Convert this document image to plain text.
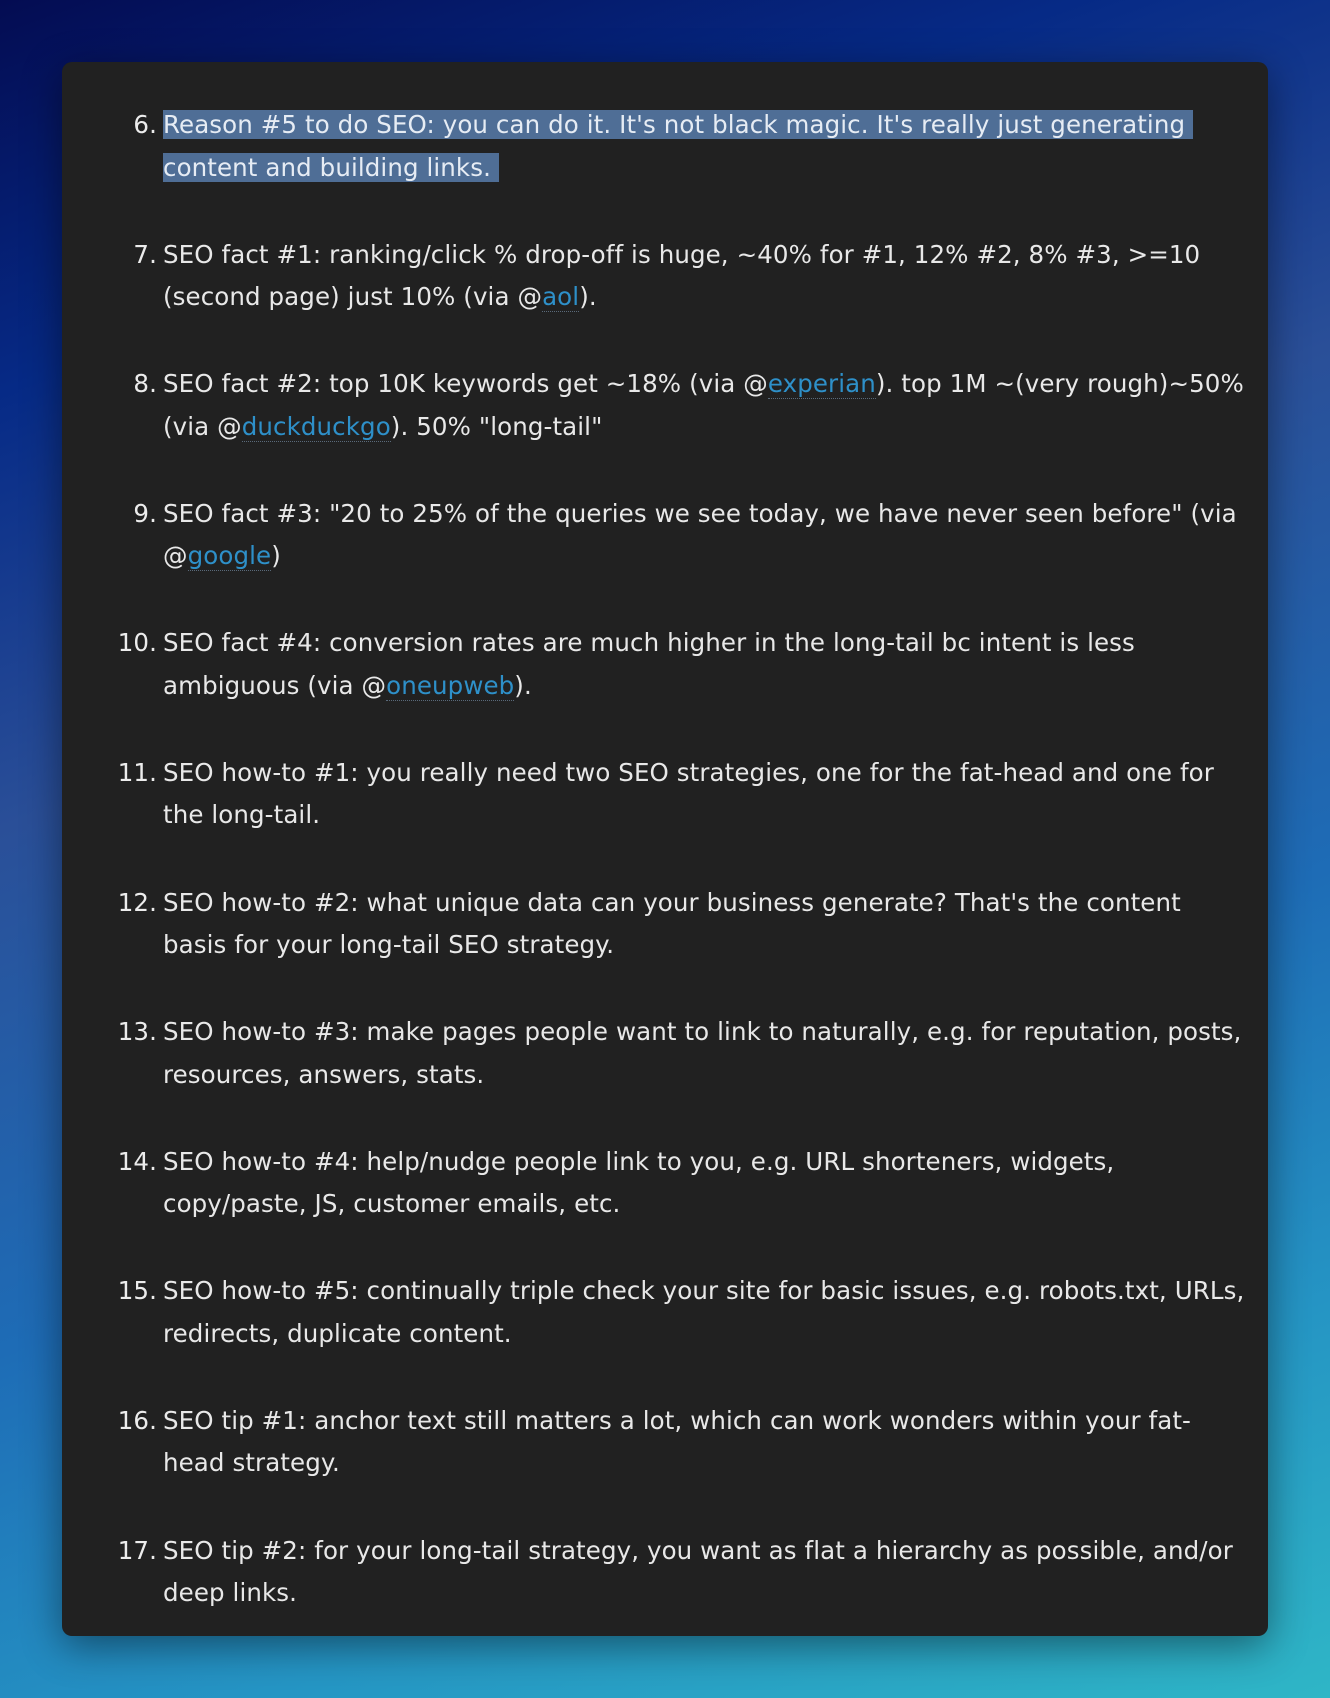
6. Reason #5 to do SEO: you can do it. It's not black magic. It's really just generating content and building links.
7. SEO fact #1: ranking/click % drop-off is huge, ~40% for #1, 12% #2, 8% #3, >=10 (second page) just 10% (via @aol).
8. SEO fact #2: top 10K keywords get ~18% (via @experian). top 1M ~(very rough)~50% (via @duckduckgo). 50% "long-tail"
9. SEO fact #3: "20 to 25% of the queries we see today, we have never seen before" (via @google)
10. SEO fact #4: conversion rates are much higher in the long-tail bc intent is less ambiguous (via @oneupweb).
11. SEO how-to #1: you really need two SEO strategies, one for the fat-head and one for the long-tail.
12. SEO how-to #2: what unique data can your business generate? That's the content basis for your long-tail SEO strategy.
13. SEO how-to #3: make pages people want to link to naturally, e.g. for reputation, posts, resources, answers, stats.
14. SEO how-to #4: help/nudge people link to you, e.g. URL shorteners, widgets, copy/paste, JS, customer emails, etc.
15. SEO how-to #5: continually triple check your site for basic issues, e.g. robots.txt, URLs, redirects, duplicate content.
16. SEO tip #1: anchor text still matters a lot, which can work wonders within your fat-head strategy.
17. SEO tip #2: for your long-tail strategy, you want as flat a hierarchy as possible, and/or deep links.
